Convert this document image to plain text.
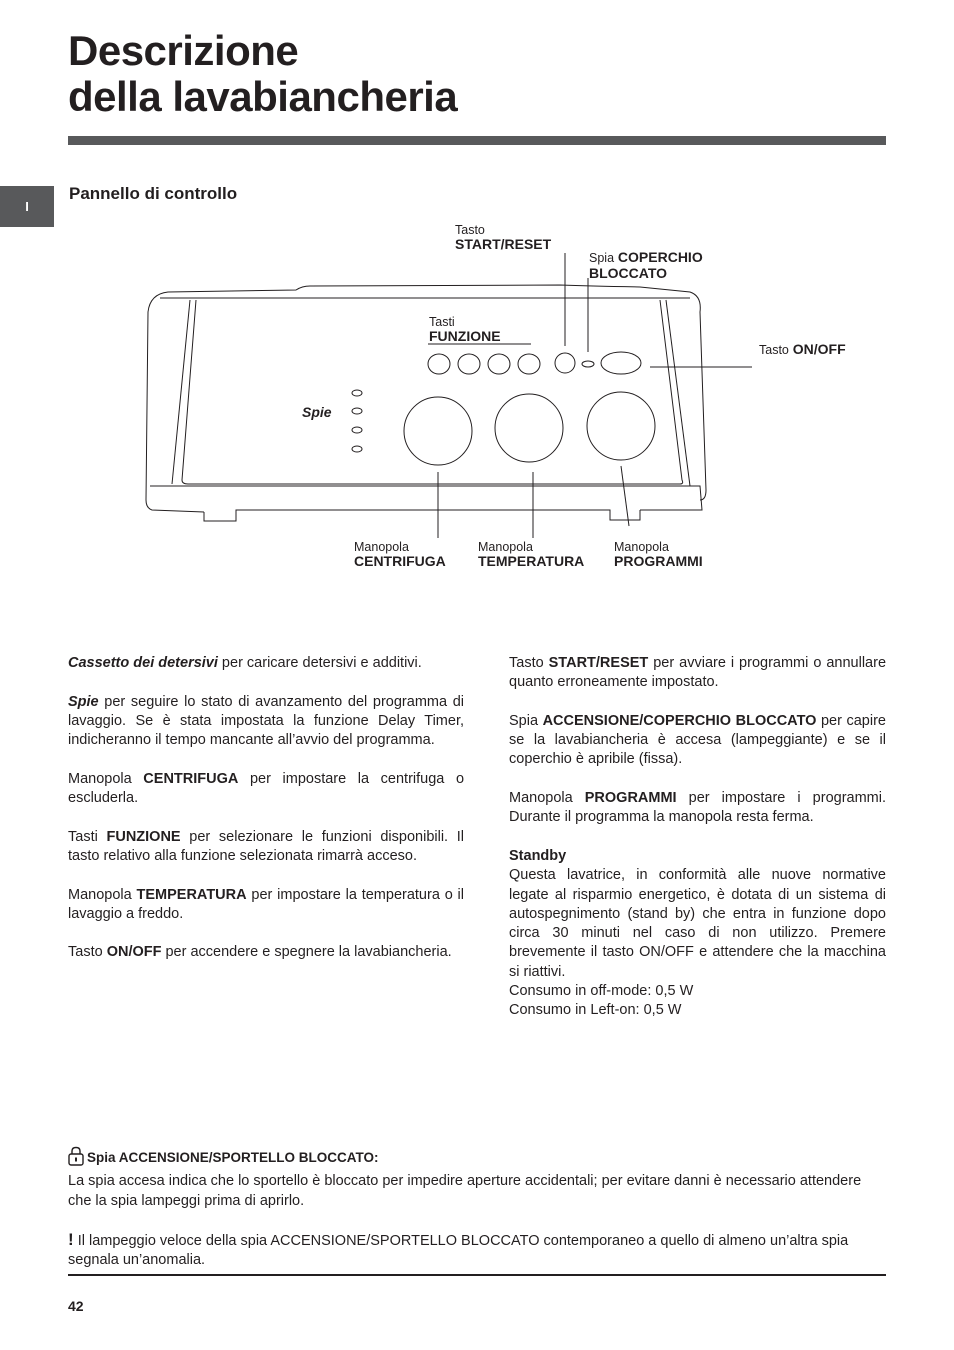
Descrizione
della lavabiancheria
I
Pannello di controllo
Tasto
START/RESET
Spia COPERCHIO
BLOCCATO
Tasti
FUNZIONE
Tasto ON/OFF
Spie
Manopola
CENTRIFUGA
Manopola
TEMPERATURA
Manopola
PROGRAMMI

Cassetto dei detersivi per caricare detersivi e additivi.

Spie per seguire lo stato di avanzamento del programma di lavaggio. Se è stata impostata la funzione Delay Timer, indicheranno il tempo mancante all’avvio del programma.

Manopola CENTRIFUGA per impostare la centrifuga o escluderla.

Tasti FUNZIONE per selezionare le funzioni disponibili. Il tasto relativo alla funzione selezionata rimarrà acceso.

Manopola TEMPERATURA per impostare la temperatura o il lavaggio a freddo.

Tasto ON/OFF per accendere e spegnere la lavabiancheria.

Tasto START/RESET per avviare i programmi o annullare quanto erroneamente impostato.

Spia ACCENSIONE/COPERCHIO BLOCCATO per capire se la lavabiancheria è accesa (lampeggiante) e se il coperchio è apribile (fissa).

Manopola PROGRAMMI per impostare i programmi. Durante il programma la manopola resta ferma.

Standby
Questa lavatrice, in conformità alle nuove normative legate al risparmio energetico, è dotata di un sistema di autospegnimento (stand by) che entra in funzione dopo circa 30 minuti nel caso di non utilizzo. Premere brevemente il tasto ON/OFF e attendere che la macchina si riattivi.
Consumo in off-mode: 0,5 W
Consumo in Left-on: 0,5 W

Spia ACCENSIONE/SPORTELLO BLOCCATO:

La spia accesa indica che lo sportello è bloccato per impedire aperture accidentali; per evitare danni è necessario attendere che la spia lampeggi prima di aprirlo.

! Il lampeggio veloce della spia ACCENSIONE/SPORTELLO BLOCCATO contemporaneo a quello di almeno un’altra spia segnala un’anomalia.

42
